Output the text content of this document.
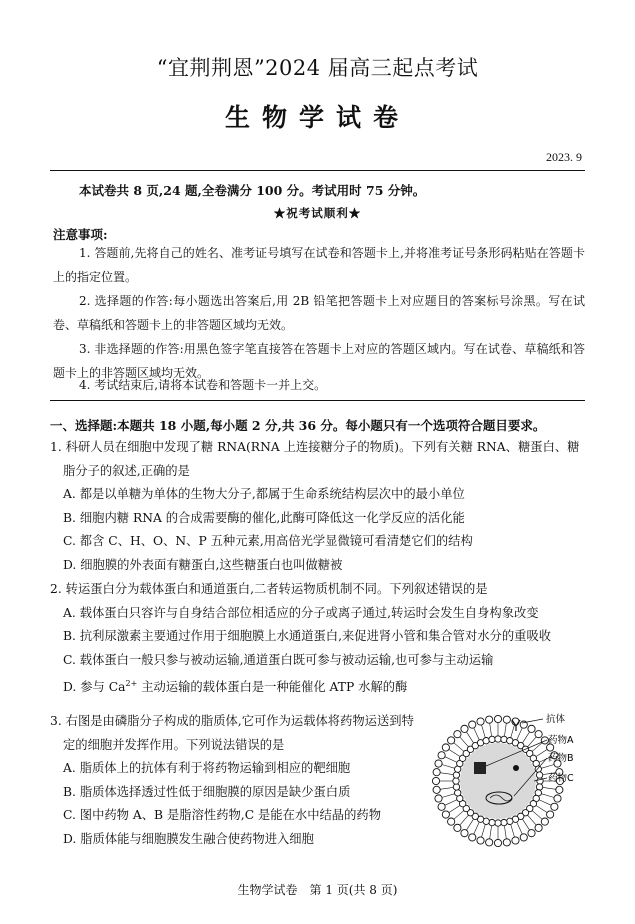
“宜荆荆恩”2024 届高三起点考试
生物学试卷
2023. 9
本试卷共 8 页,24 题,全卷满分 100 分。考试用时 75 分钟。
★祝考试顺利★
注意事项:
1. 答题前,先将自己的姓名、准考证号填写在试卷和答题卡上,并将准考证号条形码粘贴在答题卡上的指定位置。
2. 选择题的作答:每小题选出答案后,用 2B 铅笔把答题卡上对应题目的答案标号涂黑。写在试卷、草稿纸和答题卡上的非答题区域均无效。
3. 非选择题的作答:用黑色签字笔直接答在答题卡上对应的答题区域内。写在试卷、草稿纸和答题卡上的非答题区域均无效。
4. 考试结束后,请将本试卷和答题卡一并上交。
一、选择题:本题共 18 小题,每小题 2 分,共 36 分。每小题只有一个选项符合题目要求。
1. 科研人员在细胞中发现了糖 RNA(RNA 上连接糖分子的物质)。下列有关糖 RNA、糖蛋白、糖脂分子的叙述,正确的是
A. 都是以单糖为单体的生物大分子,都属于生命系统结构层次中的最小单位
B. 细胞内糖 RNA 的合成需要酶的催化,此酶可降低这一化学反应的活化能
C. 都含 C、H、O、N、P 五种元素,用高倍光学显微镜可看清楚它们的结构
D. 细胞膜的外表面有糖蛋白,这些糖蛋白也叫做糖被
2. 转运蛋白分为载体蛋白和通道蛋白,二者转运物质机制不同。下列叙述错误的是
A. 载体蛋白只容许与自身结合部位相适应的分子或离子通过,转运时会发生自身构象改变
B. 抗利尿激素主要通过作用于细胞膜上水通道蛋白,来促进肾小管和集合管对水分的重吸收
C. 载体蛋白一般只参与被动运输,通道蛋白既可参与被动运输,也可参与主动运输
D. 参与 $Ca^{2+}$ 主动运输的载体蛋白是一种能催化 ATP 水解的酶
3. 右图是由磷脂分子构成的脂质体,它可作为运载体将药物运送到特定的细胞并发挥作用。下列说法错误的是
A. 脂质体上的抗体有利于将药物运输到相应的靶细胞
B. 脂质体选择透过性低于细胞膜的原因是缺少蛋白质
C. 图中药物 A、B 是脂溶性药物,C 是能在水中结晶的药物
D. 脂质体能与细胞膜发生融合使药物进入细胞
抗体
药物A
药物B
药物C
生物学试卷　第 1 页(共 8 页)
